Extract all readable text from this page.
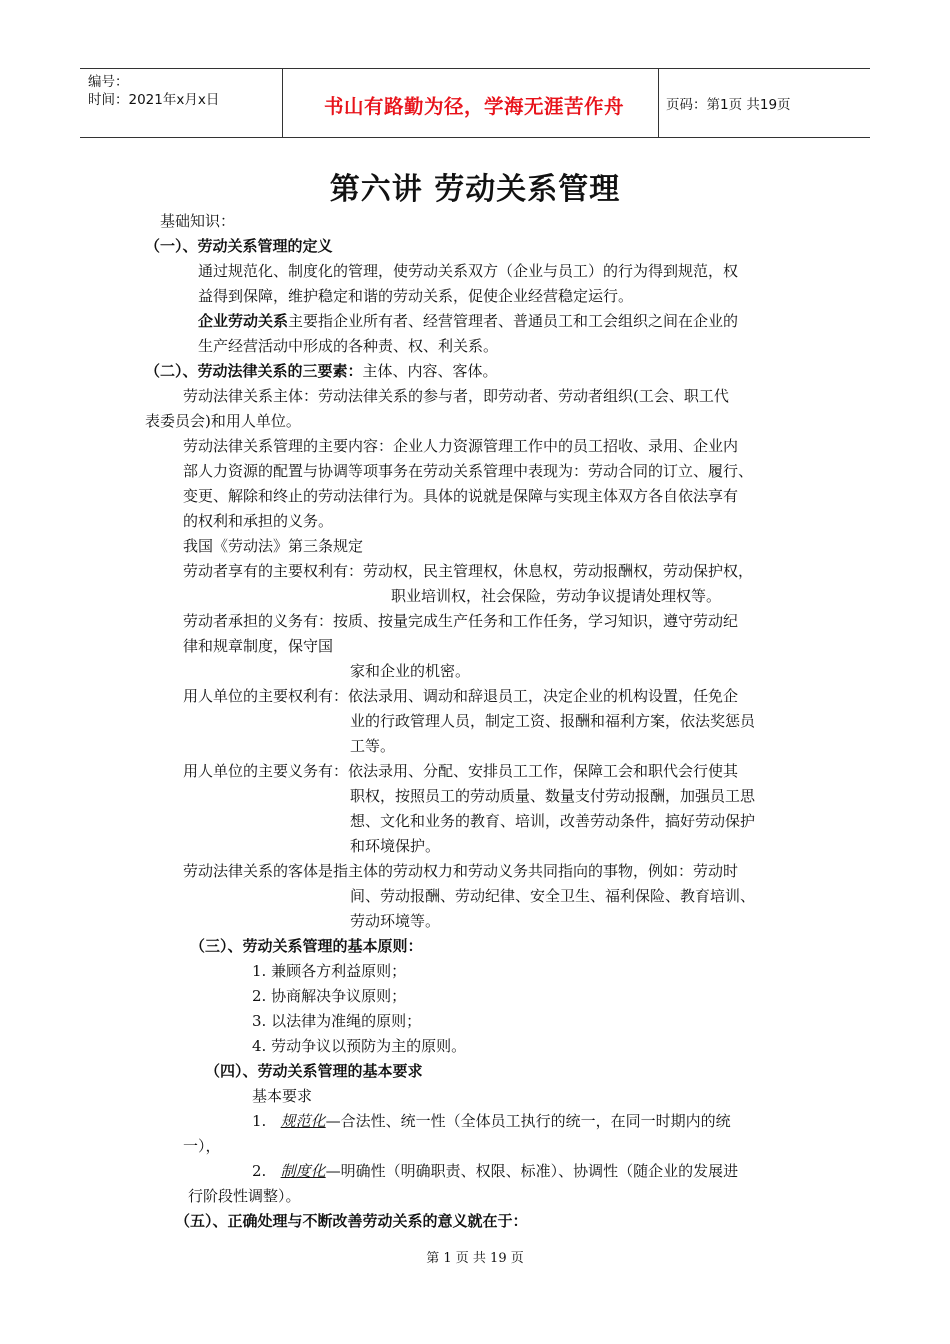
编号：
时间：2021年x月x日	书山有路勤为径，学海无涯苦作舟	页码：第1页 共19页
第六讲 劳动关系管理
基础知识：
（一）、劳动关系管理的定义
通过规范化、制度化的管理，使劳动关系双方（企业与员工）的行为得到规范，权
益得到保障，维护稳定和谐的劳动关系，促使企业经营稳定运行。
企业劳动关系主要指企业所有者、经营管理者、普通员工和工会组织之间在企业的
生产经营活动中形成的各种责、权、利关系。
（二）、劳动法律关系的三要素：主体、内容、客体。
劳动法律关系主体：劳动法律关系的参与者，即劳动者、劳动者组织(工会、职工代
表委员会)和用人单位。
劳动法律关系管理的主要内容：企业人力资源管理工作中的员工招收、录用、企业内
部人力资源的配置与协调等项事务在劳动关系管理中表现为：劳动合同的订立、履行、
变更、解除和终止的劳动法律行为。具体的说就是保障与实现主体双方各自依法享有
的权利和承担的义务。
我国《劳动法》第三条规定
劳动者享有的主要权利有：劳动权，民主管理权，休息权，劳动报酬权，劳动保护权，
职业培训权，社会保险，劳动争议提请处理权等。
劳动者承担的义务有：按质、按量完成生产任务和工作任务，学习知识，遵守劳动纪
律和规章制度，保守国
家和企业的机密。
用人单位的主要权利有：依法录用、调动和辞退员工，决定企业的机构设置，任免企
业的行政管理人员，制定工资、报酬和福利方案，依法奖惩员
工等。
用人单位的主要义务有：依法录用、分配、安排员工工作，保障工会和职代会行使其
职权，按照员工的劳动质量、数量支付劳动报酬，加强员工思
想、文化和业务的教育、培训，改善劳动条件，搞好劳动保护
和环境保护。
劳动法律关系的客体是指主体的劳动权力和劳动义务共同指向的事物，例如：劳动时
间、劳动报酬、劳动纪律、安全卫生、福利保险、教育培训、
劳动环境等。
（三）、劳动关系管理的基本原则：
1. 兼顾各方利益原则；
2. 协商解决争议原则；
3. 以法律为准绳的原则；
4. 劳动争议以预防为主的原则。
（四）、劳动关系管理的基本要求
基本要求
1. 规范化—合法性、统一性（全体员工执行的统一，在同一时期内的统
一），
2. 制度化—明确性（明确职责、权限、标准）、协调性（随企业的发展进
行阶段性调整）。
（五）、正确处理与不断改善劳动关系的意义就在于：
第 1 页 共 19 页
